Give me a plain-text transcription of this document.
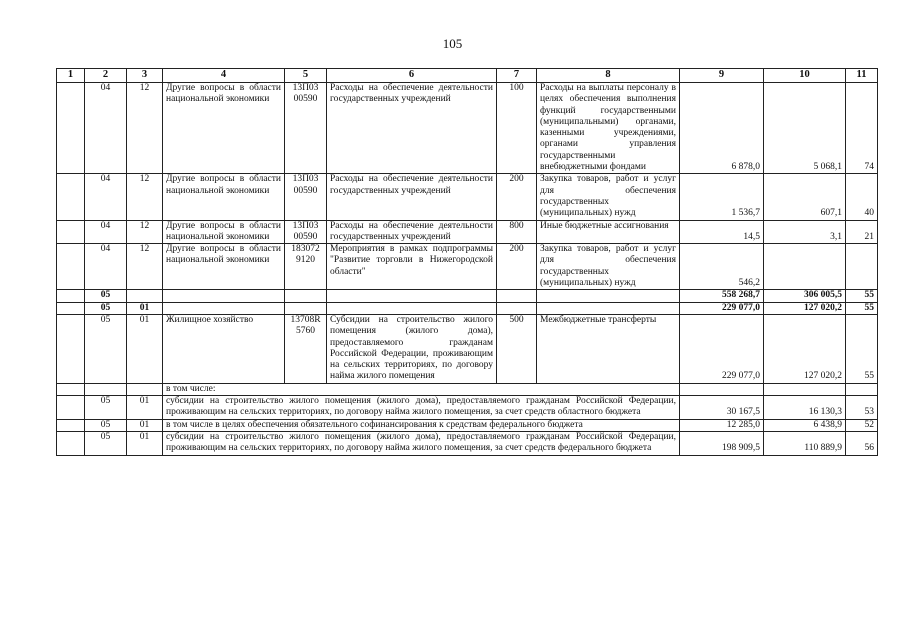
105
1	2	3	4	5	6	7	8	9	10	11
	04	12	Другие вопросы в области национальной экономики	13П03 00590	Расходы на обеспечение деятельности государственных учреждений	100	Расходы на выплаты персоналу в целях обеспечения выполнения функций государственными (муниципальными) органами, казенными учреждениями, органами управления государственными внебюджетными фондами	6 878,0	5 068,1	74
	04	12	Другие вопросы в области национальной экономики	13П03 00590	Расходы на обеспечение деятельности государственных учреждений	200	Закупка товаров, работ и услуг для обеспечения государственных (муниципальных) нужд	1 536,7	607,1	40
	04	12	Другие вопросы в области национальной экономики	13П03 00590	Расходы на обеспечение деятельности государственных учреждений	800	Иные бюджетные ассигнования	14,5	3,1	21
	04	12	Другие вопросы в области национальной экономики	183072 9120	Мероприятия в рамках подпрограммы "Развитие торговли в Нижегородской области"	200	Закупка товаров, работ и услуг для обеспечения государственных (муниципальных) нужд	546,2		
	05							558 268,7	306 005,5	55
	05	01						229 077,0	127 020,2	55
	05	01	Жилищное хозяйство	13708R 5760	Субсидии на строительство жилого помещения (жилого дома), предоставляемого гражданам Российской Федерации, проживающим на сельских территориях, по договору найма жилого помещения	500	Межбюджетные трансферты	229 077,0	127 020,2	55
			в том числе:							
	05	01	субсидии на строительство жилого помещения (жилого дома), предоставляемого гражданам Российской Федерации, проживающим на сельских территориях, по договору найма жилого помещения, за счет средств областного бюджета					30 167,5	16 130,3	53
	05	01	в том числе в целях обеспечения обязательного софинансирования к средствам федерального бюджета					12 285,0	6 438,9	52
	05	01	субсидии на строительство жилого помещения (жилого дома), предоставляемого гражданам Российской Федерации, проживающим на сельских территориях, по договору найма жилого помещения, за счет средств федерального бюджета					198 909,5	110 889,9	56
